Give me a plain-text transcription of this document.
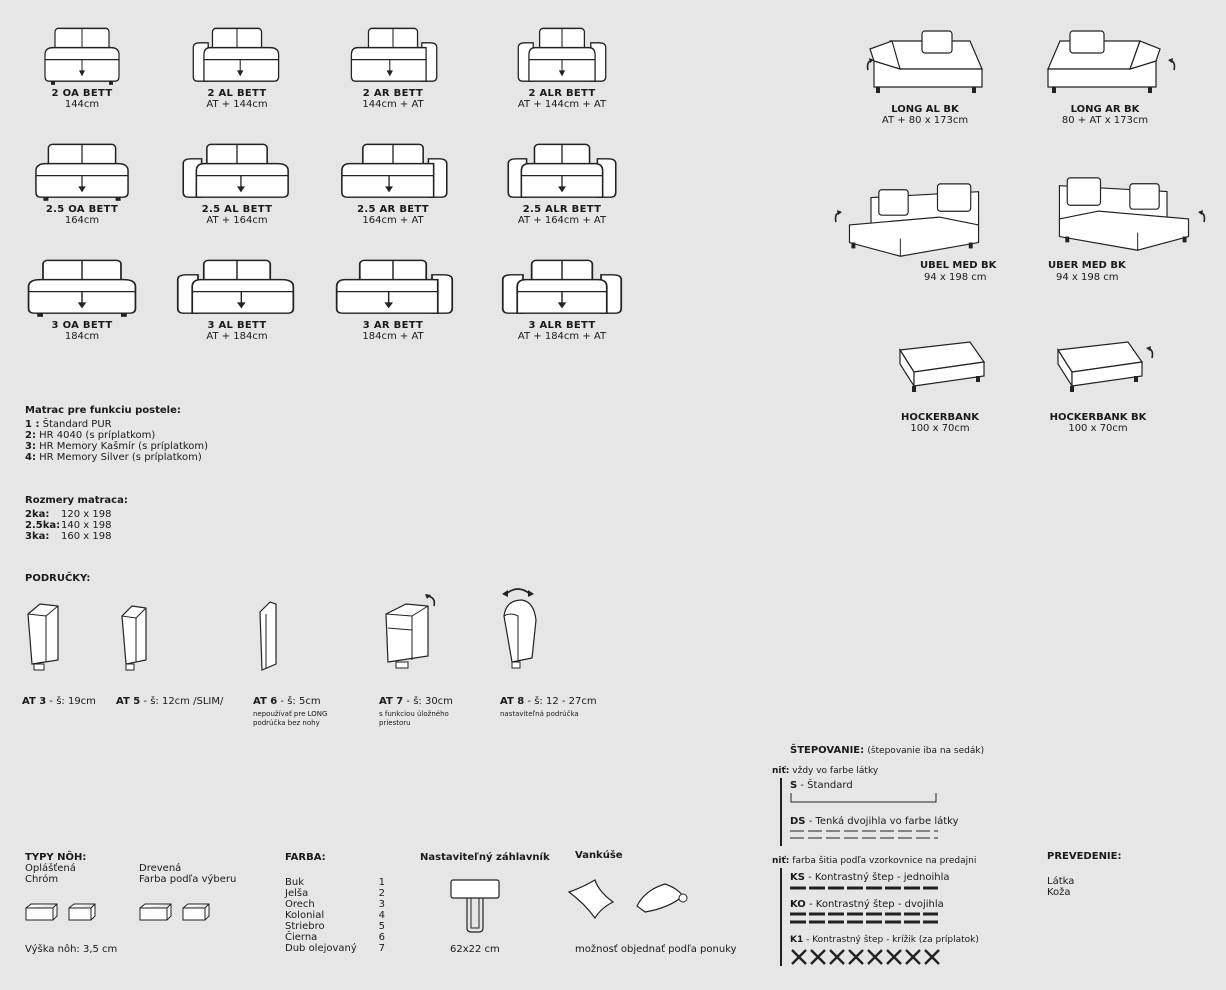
2 OA BETT
144cm
2 AL BETT
AT + 144cm
2 AR BETT
144cm + AT
2 ALR BETT
AT + 144cm + AT
2.5 OA BETT
164cm
2.5 AL BETT
AT + 164cm
2.5 AR BETT
164cm + AT
2.5 ALR BETT
AT + 164cm + AT
3 OA BETT
184cm
3 AL BETT
AT + 184cm
3 AR BETT
184cm + AT
3 ALR BETT
AT + 184cm + AT
LONG AL BK
AT + 80 x 173cm
LONG AR BK
80 + AT x 173cm
UBEL MED BK
94 x 198 cm
UBER MED BK
94 x 198 cm
HOCKERBANK
100 x 70cm
HOCKERBANK BK
100 x 70cm
Matrac pre funkciu postele:
1 : Štandard PUR
2: HR 4040 (s príplatkom)
3: HR Memory Kašmír (s príplatkom)
4: HR Memory Silver (s príplatkom)
Rozmery matraca:
2ka: 120 x 198
2.5ka:140 x 198
3ka: 160 x 198
PODRUČKY:
AT 3 - š: 19cm AT 5 - š: 12cm /SLIM/	AT 6 - š: 5cm
nepoužívať pre LONG podrúčka bez nohy
AT 7 - š: 30cm
s funkciou úložného priestoru
AT 8 - š: 12 - 27cm
nastaviteľná podrúčka
TYPY NÔH:
Oplášťená
Chróm
Drevená
Farba podľa výberu
Výška nôh: 3,5 cm
FARBA:
Buk	1
Jelša	2
Orech	3
Kolonial	4
Striebro	5
Čierna	6
Dub olejovaný 7
Nastaviteľný záhlavník
62x22 cm
Vankúše
možnosť objednať podľa ponuky
ŠTEPOVANIE: (štepovanie iba na sedák)
niť: vždy vo farbe látky
S - Štandard
DS - Tenká dvojihla vo farbe látky
niť: farba šitia podľa vzorkovnice na predajni
KS - Kontrastný štep - jednoihla
KO - Kontrastný štep - dvojihla
K1 - Kontrastný štep - krížik (za príplatok)
PREVEDENIE:
Látka
Koža
